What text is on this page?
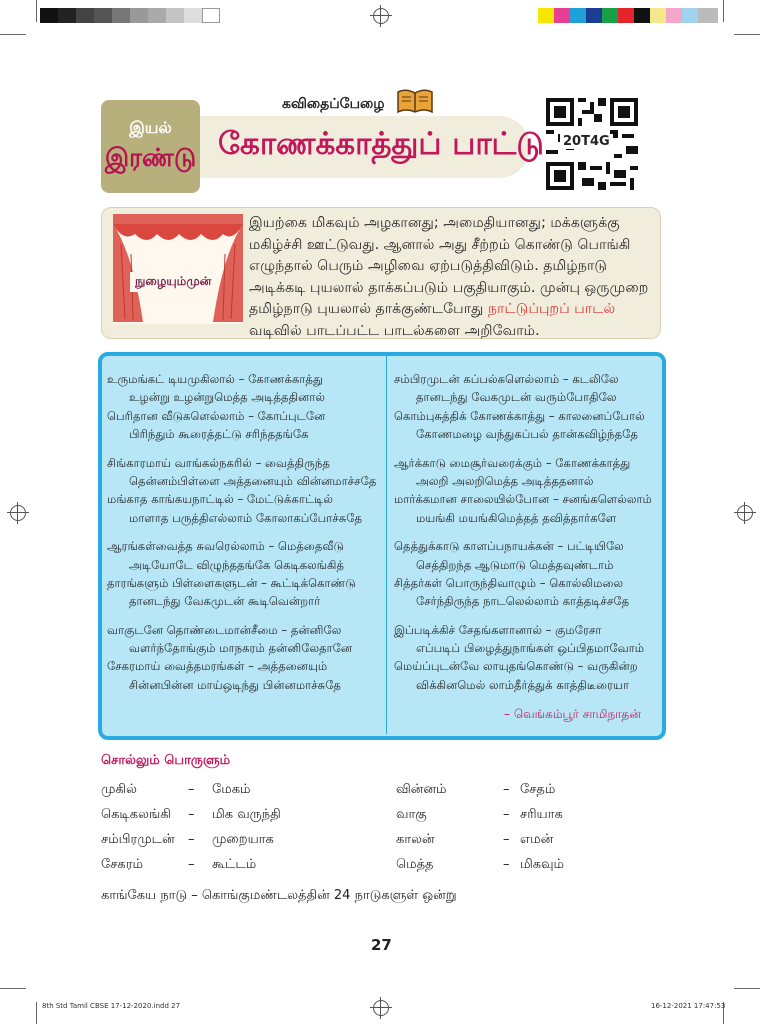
கவிதைப்பேழை
இயல்
இரண்டு கோணக்காத்துப் பாட்டு 20T4G
நுழையும்முன்
இயற்கை மிகவும் அழகானது; அமைதியானது; மக்களுக்கு மகிழ்ச்சி ஊட்டுவது. ஆனால் அது சீற்றம் கொண்டு பொங்கி எழுந்தால் பெரும் அழிவை ஏற்படுத்திவிடும். தமிழ்நாடு அடிக்கடி புயலால் தாக்கப்படும் பகுதியாகும். முன்பு ஒருமுறை தமிழ்நாடு புயலால் தாக்குண்டபோது நாட்டுப்புறப் பாடல் வடிவில் பாடப்பட்ட பாடல்களை அறிவோம்.
உருமங்கட் டியமுகிலால் – கோணக்காத்து
உழன்று உழன்றுமெத்த அடித்ததினால்
பெரிதான வீடுகளெல்லாம் – கோப்புடனே
பிரிந்தும் கூரைத்தட்டு சரிந்ததங்கே
சிங்காரமாய் வாங்கல்நகரில் – வைத்திருந்த
தென்னம்பிள்ளை அத்தனையும் வின்னமாச்சதே
மங்காத காங்கயநாட்டில் – மேட்டுக்காட்டில்
மாளாத பருத்திஎல்லாம் கோலாகப்போச்சுதே
ஆரங்கள்வைத்த சுவரெல்லாம் – மெத்தைவீடு
அடியோடே விழுந்ததங்கே கெடிகலங்கித்
தாரங்களும் பிள்ளைகளுடன் – கூட்டிக்கொண்டு
தானடந்து வேகமுடன் கூடிவென்றார்
வாகுடனே தொண்டைமான்சீமை – தன்னிலே
வளர்ந்தோங்கும் மாநகரம் தன்னிலேதானே
சேகரமாய் வைத்தமரங்கள் – அத்தனையும்
சின்னபின்ன மாய்ஒடிந்து பின்னமாச்சுதே
சம்பிரமுடன் கப்பல்களெல்லாம் – கடலிலே
தானடந்து வேகமுடன் வரும்போதிலே
கொம்புசுத்திக் கோணக்காத்து – காலனைப்போல்
கோணமழை வந்துகப்பல் தான்கவிழ்ந்ததே
ஆர்க்காடு மைசூர்வரைக்கும் – கோணக்காத்து
அலறி அலறிமெத்த அடித்ததனால்
மார்க்கமான சாலையில்போன – சனங்களெல்லாம்
மயங்கி மயங்கிமெத்தத் தவித்தார்களே
தெத்துக்காடு காளப்பநாயக்கன் – பட்டியிலே
செத்திறந்த ஆடுமாடு மெத்தவுண்டாம்
சித்தர்கள் பொருந்திவாழும் – கொல்லிமலை
சேர்ந்திருந்த நாடலெல்லாம் காத்தடிச்சதே
இப்படிக்கிச் சேதங்களானால் – குமரேசா
எப்படிப் பிழைத்துநாங்கள் ஒப்பிதமாவோம்
மெய்ப்புடன்வே லாயுதங்கொண்டு – வருகின்ற
விக்கினமெல் லாம்தீர்த்துக் காத்திடீரையா
– வெங்கம்பூர் சாமிநாதன்
சொல்லும் பொருளும்
முகில்	– மேகம்	வின்னம்	– சேதம்
கெடிகலங்கி – மிக வருந்தி	வாகு	– சரியாக
சம்பிரமுடன் – முறையாக	காலன்	– எமன்
சேகரம்	– கூட்டம்	மெத்த	– மிகவும்
காங்கேய நாடு – கொங்குமண்டலத்தின் 24 நாடுகளுள் ஒன்று
27
8th Std Tamil CBSE 17-12-2020.indd 27	16-12-2021 17:47:53
